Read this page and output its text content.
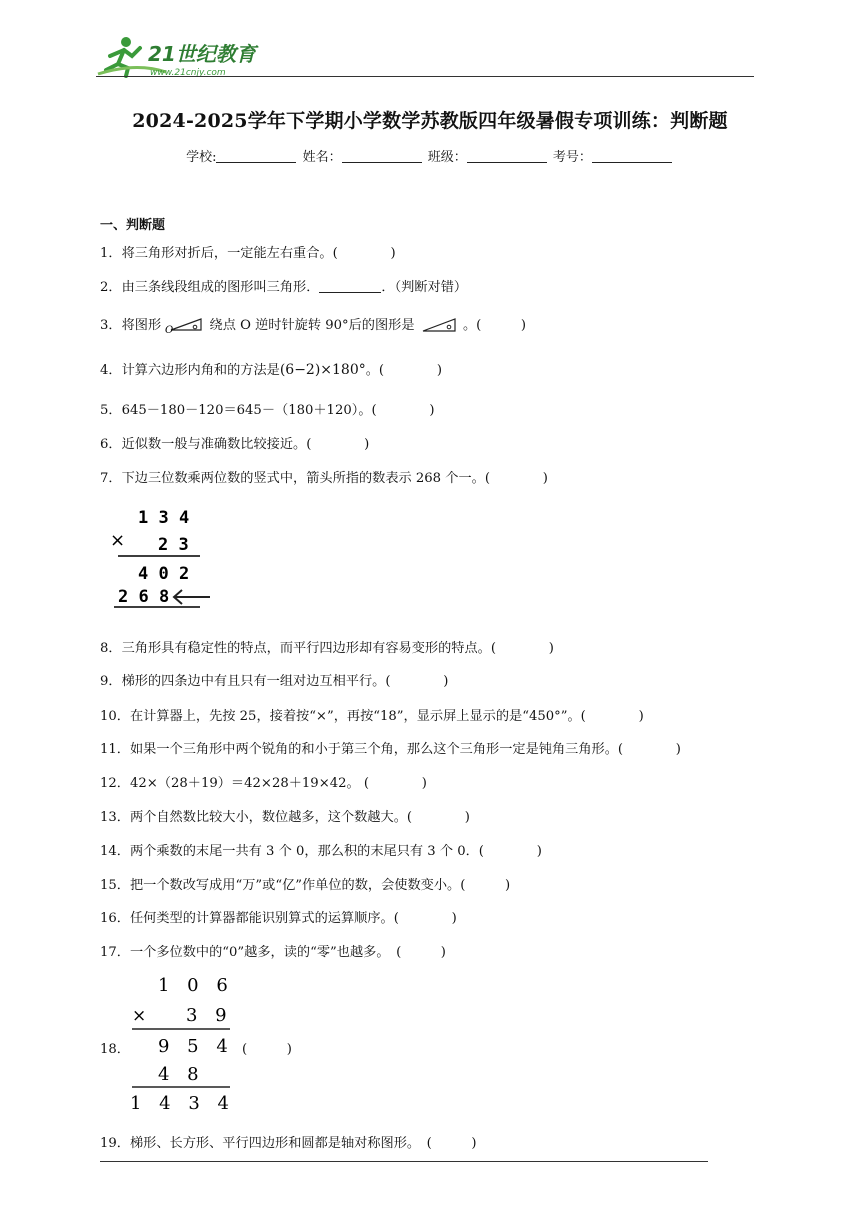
21世纪教育
www.21cnjy.com
2024-2025学年下学期小学数学苏教版四年级暑假专项训练：判断题
学校:	姓名：	班级：	考号：
一、判断题
1．将三角形对折后，一定能左右重合。(　　　　)
2．由三条线段组成的图形叫三角形．	．（判断对错）
3．将图形 O	绕点 O 逆时针旋转 90°后的图形是	。(　　　)
4．计算六边形内角和的方法是(6−2)×180°。(　　　　)
5．645－180－120＝645－（180＋120）。(　　　　)
6．近似数一般与准确数比较接近。(　　　　)
7．下边三位数乘两位数的竖式中，箭头所指的数表示 268 个一。(　　　　)
1 3 4
× 2 3
4 0 2
2 6 8
8．三角形具有稳定性的特点，而平行四边形却有容易变形的特点。(　　　　)
9．梯形的四条边中有且只有一组对边互相平行。(　　　　)
10．在计算器上，先按 25，接着按“×”，再按“18”，显示屏上显示的是“450°”。(　　　　)
11．如果一个三角形中两个锐角的和小于第三个角，那么这个三角形一定是钝角三角形。(　　　　)
12．42×（28＋19）＝42×28＋19×42。 (　　　　)
13．两个自然数比较大小，数位越多，这个数越大。(　　　　)
14．两个乘数的末尾一共有 3 个 0，那么积的末尾只有 3 个 0．(　　　　)
15．把一个数改写成用“万”或“亿”作单位的数，会使数变小。(　　　)
16．任何类型的计算器都能识别算式的运算顺序。(　　　　)
17．一个多位数中的“0”越多，读的“零”也越多。　(　　　)
18．
1 0 6
× 3 9
9 5 4
4 8
1 4 3 4
(　　　)
19．梯形、长方形、平行四边形和圆都是轴对称图形。　(　　　)
